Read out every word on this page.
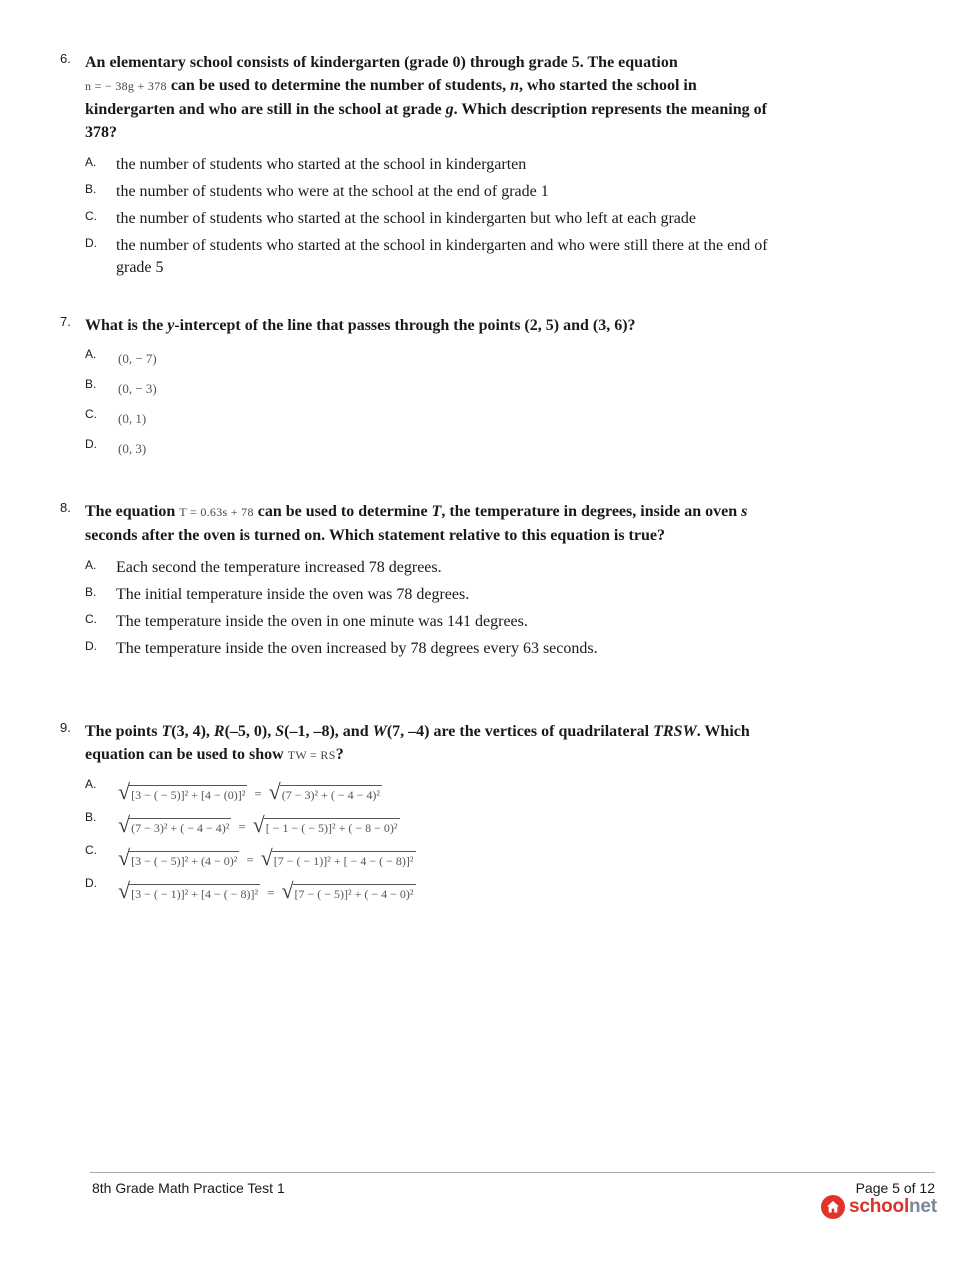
6. An elementary school consists of kindergarten (grade 0) through grade 5. The equation
n = − 38g + 378 can be used to determine the number of students, n, who started the school in kindergarten and who are still in the school at grade g. Which description represents the meaning of 378?
A. the number of students who started at the school in kindergarten
B. the number of students who were at the school at the end of grade 1
C. the number of students who started at the school in kindergarten but who left at each grade
D. the number of students who started at the school in kindergarten and who were still there at the end of grade 5
7. What is the y-intercept of the line that passes through the points (2, 5) and (3, 6)?
A. (0, − 7)
B. (0, − 3)
C. (0, 1)
D. (0, 3)
8. The equation T = 0.63s + 78 can be used to determine T, the temperature in degrees, inside an oven s seconds after the oven is turned on. Which statement relative to this equation is true?
A. Each second the temperature increased 78 degrees.
B. The initial temperature inside the oven was 78 degrees.
C. The temperature inside the oven in one minute was 141 degrees.
D. The temperature inside the oven increased by 78 degrees every 63 seconds.
9. The points T(3, 4), R(–5, 0), S(–1, –8), and W(7, –4) are the vertices of quadrilateral TRSW. Which equation can be used to show TW = RS?
A. √ [3 − ( − 5)]² + [4 − (0)]² = √ (7 − 3)² + ( − 4 − 4)²
B. √ (7 − 3)² + ( − 4 − 4)² = √ [ − 1 − ( − 5)]² + ( − 8 − 0)²
C. √ [3 − ( − 5)]² + (4 − 0)² = √ [7 − ( − 1)]² + [ − 4 − ( − 8)]²
D. √ [3 − ( − 1)]² + [4 − ( − 8)]² = √ [7 − ( − 5)]² + ( − 4 − 0)²
8th Grade Math Practice Test 1	Page 5 of 12
schoolnet
